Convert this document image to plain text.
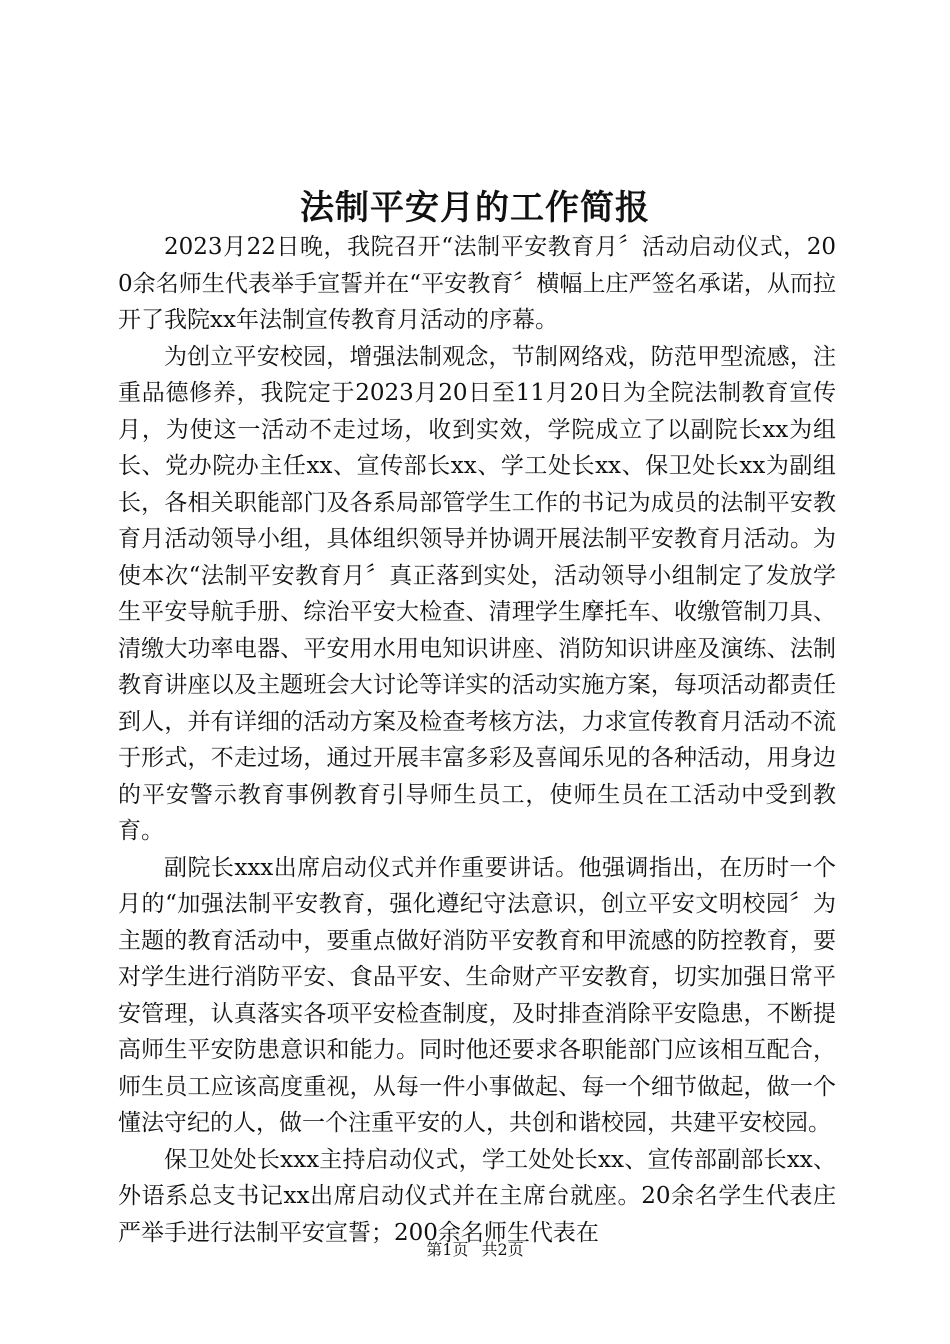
法制平安月的工作简报

2023月22日晚，我院召开“法制平安教育月〞活动启动仪式，200余名师生代表举手宣誓并在“平安教育〞横幅上庄严签名承诺，从而拉开了我院xx年法制宣传教育月活动的序幕。

为创立平安校园，增强法制观念，节制网络戏，防范甲型流感，注重品德修养，我院定于2023月20日至11月20日为全院法制教育宣传月，为使这一活动不走过场，收到实效，学院成立了以副院长xx为组长、党办院办主任xx、宣传部长xx、学工处长xx、保卫处长xx为副组长，各相关职能部门及各系局部管学生工作的书记为成员的法制平安教育月活动领导小组，具体组织领导并协调开展法制平安教育月活动。为使本次“法制平安教育月〞真正落到实处，活动领导小组制定了发放学生平安导航手册、综治平安大检查、清理学生摩托车、收缴管制刀具、清缴大功率电器、平安用水用电知识讲座、消防知识讲座及演练、法制教育讲座以及主题班会大讨论等详实的活动实施方案，每项活动都责任到人，并有详细的活动方案及检查考核方法，力求宣传教育月活动不流于形式，不走过场，通过开展丰富多彩及喜闻乐见的各种活动，用身边的平安警示教育事例教育引导师生员工，使师生员在工活动中受到教育。

副院长xxx出席启动仪式并作重要讲话。他强调指出，在历时一个月的“加强法制平安教育，强化遵纪守法意识，创立平安文明校园〞为主题的教育活动中，要重点做好消防平安教育和甲流感的防控教育，要对学生进行消防平安、食品平安、生命财产平安教育，切实加强日常平安管理，认真落实各项平安检查制度，及时排查消除平安隐患，不断提高师生平安防患意识和能力。同时他还要求各职能部门应该相互配合，师生员工应该高度重视，从每一件小事做起、每一个细节做起，做一个懂法守纪的人，做一个注重平安的人，共创和谐校园，共建平安校园。

保卫处处长xxx主持启动仪式，学工处处长xx、宣传部副部长xx、外语系总支书记xx出席启动仪式并在主席台就座。20余名学生代表庄严举手进行法制平安宣誓；200余名师生代表在

第1页 共2页
